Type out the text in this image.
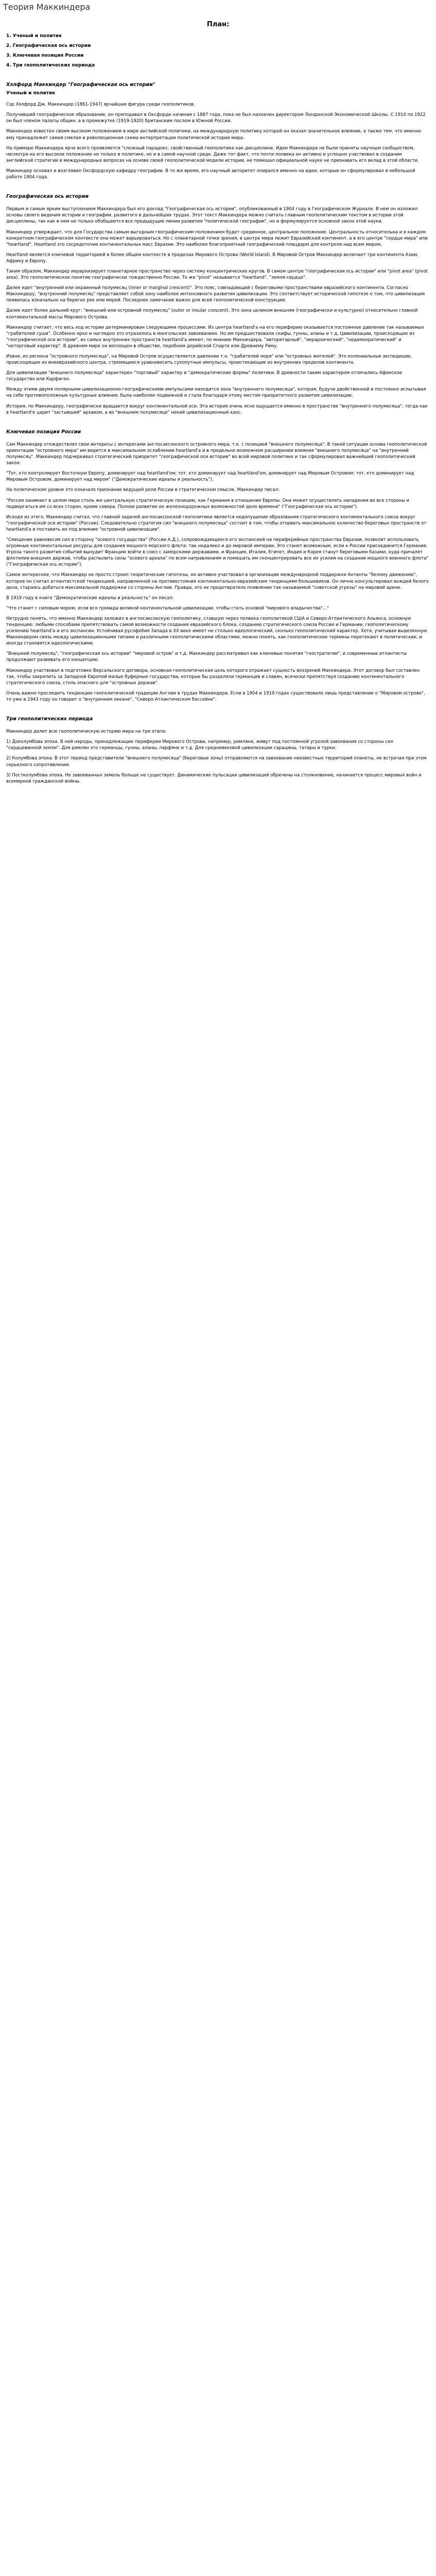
Теория Маккиндера
План:
1. Ученый и политик
2. Географическая ось истории
3. Ключевая позиция России
4. Три геополитических периода
Хэлфорд Маккиндер "Географическая ось истории"
Ученый и политик

Сэр Хэлфорд Дж. Маккиндер (1861-1947) ярчайшая фигура среди геополитиков.

Получивший географическое образование, он преподавал в Оксфорде начиная с 1887 года, пока не был назначен директором Лондонской Экономической Школы. С 1910 по 1922 он был членом палаты общин, а в промежутке (1919-1920) британским послом в Южной России.

Маккиндер известен своим высоким положением в мире английской политики, на международную политику которой он оказал значительное влияние, а также тем, что именно ему принадлежит самая смелая и революционная схема интерпретации политической истории мира.

На примере Маккиндера ярче всего проявляется "сложный парадокс, свойственный геополитике как дисциплине. Идеи Маккиндера не были приняты научным сообществом, несмотря на его высокое положение не только в политике, но и в самой научной среде. Даже тот факт, что почти полвека он активно и успешно участвовал в создании английской стратегии в международных вопросах на основе своей геополитической модели истории, не помешал официальной науке не признавать его вклад в этой области.

Маккиндер основал и возглавил Оксфордскую кафедру географии. В то же время, его научный авторитет опирался именно на идеи, которые он сформулировал в небольшой работе 1904 года.

Географическая ось истории

Первым и самым ярким выступлением Маккиндера был его доклад "Географическая ось истории", опубликованный в 1904 году в Географическом Журнале. В нем он изложил основы своего видения истории и географии, развитого в дальнейших трудах. Этот текст Маккиндера можно считать главным геополитическим текстом в истории этой дисциплины, так как в нем не только обобщаются все предыдущие линии развития "политической географии", но и формулируется основной закон этой науки.

Маккиндер утверждает, что для Государства самым выгодным географическим положением будет срединное, центральное положение. Центральность относительна и в каждом конкретном географическом контексте она может варьироваться. Но с планетарной точки зрения, в центре мира лежит Евразийский континент, а в его центре "сердце мира" или "heartland". Heartland это сосредоточие континентальных масс Евразии. Это наиболее благоприятный географический плацдарм для контроля над всем миром.

Heartland является ключевой территорией в более общем контексте в пределах Мирового Острова (World Island). В Мировой Остров Маккиндер включает три континента Азию, Африку и Европу.

Таким образом, Маккиндер иерархизирует планетарное пространство через систему концентрических кругов. В самом центре "географическая ось истории" или "pivot area" (pivot area). Это геополитическое понятие географически тождественно России. То же "pivot" называется "heartland", "земля-сердце".

Далее идет "внутренний или окраинный полумесяц (inner or marginal crescent)". Это пояс, совпадающий с береговыми пространствами евразийского континента. Согласно Маккиндеру, "внутренний полумесяц" представляет собой зону наиболее интенсивного развития цивилизации. Это соответствует исторической гипотезе о том, что цивилизация появилась изначально на берегах рек или морей. Последнее замечание важно для всей геополитической конструкции.

Далее идет более дальний круг: "внешний или островной полумесяц" (outer or insular crescent). Это зона целиком внешняя (географически и культурно) относительно главной континентальной массы Мирового Острова.

Маккиндер считает, что весь ход истории детерминирован следующими процессами. Из центра heartland'a на его периферию оказывается постоянное давление так называемых "грабителей суши". Особенно ярко и наглядно это отразилось в монгольских завоеваниях. Но им предшествовали скифы, гунны, аланы и т.д. Цивилизации, происходящие из "географической оси истории", из самых внутренних пространств heartland'a имеют, по мнению Маккиндера, "авторитарный", "иерархический", "недемократический" и "неторговый характер". В древнем мире он воплощен в обществе, подобном дорийской Спарте или Древнему Риму.

Извне, из региона "островного полумесяца", на Мировой Остров осуществляется давление т.н. "грабителей моря" или "островных жителей". Это колониальные экспедиции, происходящие из внеевразийского центра, стремящиеся уравновесить сухопутные импульсы, проистекающие из внутренних пределов континента.

Для цивилизации "внешнего полумесяца" характерен "торговый" характер и "демократические формы" политики. В древности таким характером отличались Афинское государство или Карфаген.

Между этими двумя полярными цивилизационно-географическими импульсами находится зона "внутреннего полумесяца", которая, будучи двойственной и постоянно испытывая на себе противоположные культурные влияния, была наиболее подвижной и стала благодаря этому местом приоритетного развития цивилизации.

История, по Маккиндеру, географически вращается вокруг континентальной оси. Эта история очень ясно ощущается именно в пространстве "внутреннего полумесяца", тогда как в heartland'е царит "застывший" архаизм, а во "внешнем полумесяце" некий цивилизационный хаос.

Ключевая позиция России

Сам Маккиндер отождествлял свои интересы с интересами англосаксонского островного мира, т.е. с позицией "внешнего полумесяца". В такой ситуации основа геополитической ориентации "островного мира" им видится в максимальном ослаблении heartland'a и в предельно возможном расширении влияния "внешнего полумесяца" на "внутренний полумесяц". Маккиндер подчеркивал стратегический приоритет "географической оси истории" во всей мировой политике и так сформулировал важнейший геополитический закон:

"Тот, кто контролирует Восточную Европу, доминирует над heartland'ом; тот, кто доминирует над heartland'ом, доминирует над Мировым Островом; тот, кто доминирует над Мировым Островом, доминирует над миром" ("Демократические идеалы и реальность").

На политическом уровне это означало признание ведущей роли России в стратегическом смысле. Маккиндер писал:

"Россия занимает в целом мире столь же центральную стратегическую позицию, как Германия в отношении Европы. Она может осуществлять нападения во все стороны и подвергаться им со всех сторон, кроме севера. Полное развитие ее железнодорожных возможностей дело времени" ("Географическая ось истории").

Исходя из этого, Маккиндер считал, что главной задачей англосаксонской геополитики является недопущение образования стратегического континентального союза вокруг "географической оси истории" (России). Следовательно стратегия сил "внешнего полумесяца" состоит в том, чтобы оторвать максимальное количество береговых пространств от heartland'a и поставить их под влияние "островной цивилизации".

"Смещение равновесия сил в сторону "осевого государства" (России А.Д.), сопровождающееся его экспансией на периферийные пространства Евразии, позволит использовать огромные континентальные ресурсы для создания мощного морского флота: так недалеко и до мировой империи. Это станет возможным, если к России присоединится Германия. Угроза такого развития событий вынудит Францию войти в союз с заморскими державами, и Франция, Италия, Египет, Индия и Корея станут береговыми базами, куда причалят флотилии внешних держав, чтобы распылить силы "осевого ареала" по всем направлениям и помешать им сконцентрировать все их усилия на создании мощного военного флота" ("Географическая ось истории").

Самое интересное, что Маккиндер не просто строил теоретические гипотезы, но активно участвовал в организации международной поддержки Антанты "белому движению", которое он считал атлантистской тенденцией, направленной на противостояние континентально-евразийским тенденциям большевиков. Он лично консультировал вождей белого дела, стараясь добиться максимальной поддержки со стороны Англии. Правда, это не предотвратило появление так называемой "советской угрозы" на мировой арене.

В 1919 году в книге "Демократические идеалы и реальность" он писал:

"Что станет с силовым морем, если вся громада великой континентальной цивилизации, чтобы стать основой "мирового владычества"..."

Нетрудно понять, что именно Маккиндер заложил в англосаксонскую геополитику, ставшую через полвека геополитикой США и Северо-Атлантического Альянса, основную тенденцию: любыми способами препятствовать самой возможности создания евразийского блока, созданию стратегического союза России и Германии, геополитическому усилению heartland'a и его экспансии. Устойчивая русофобия Запада в XX веке имеет не столько идеологический, сколько геополитический характер. Хотя, учитывая выделенную Маккиндером связь между цивилизационными типами и различными геополитическими областями, можно понять, как геополитические термины перетекают в политические, и иногда становятся идеологическими.

"Внешний полумесяц", "географическая ось истории" "мировой остров" и т.д. Маккиндер рассматривал как ключевые понятия "геостратегии", и современные атлантисты продолжают развивать его концепцию.

Маккиндер участвовал в подготовке Версальского договора, основная геополитическая цель которого отражает сущность воззрений Маккиндера. Этот договор был составлен так, чтобы закрепить за Западной Европой малые буферные государства, которые бы разделяли германцев и славян, всячески препятствуя созданию континентального стратегического союза, столь опасного для "островных держав".

Очень важно проследить тенденцию геополитической традиции Англии в трудах Маккиндера. Если в 1904 и 1919 годах существовало лишь представление о "Мировом острове", то уже в 1943 году он говорит о "внутреннем океане", "Северо-Атлантическом бассейне".

Три геополитических периода

Маккиндер делит всю геополитическую историю мира на три этапа:

1) Доколумбова эпоха. В ней народы, принадлежащие периферии Мирового Острова, например, римляне, живут под постоянной угрозой завоевания со стороны сил "сердцевинной земли". Для римлян это германцы, гунны, аланы, парфяне и т.д. Для средневековой цивилизации сарацины, татары и турки.

2) Колумбова эпоха. В этот период представители "внешнего полумесяца" (береговые зоны) отправляются на завоевание неизвестных территорий планеты, не встречая при этом серьезного сопротивления.

3) Постколумбова эпоха. Не завоеванных земель больше не существует. Динамические пульсации цивилизаций обречены на столкновение, начинается процесс мировых войн и всемирной гражданской войны.
